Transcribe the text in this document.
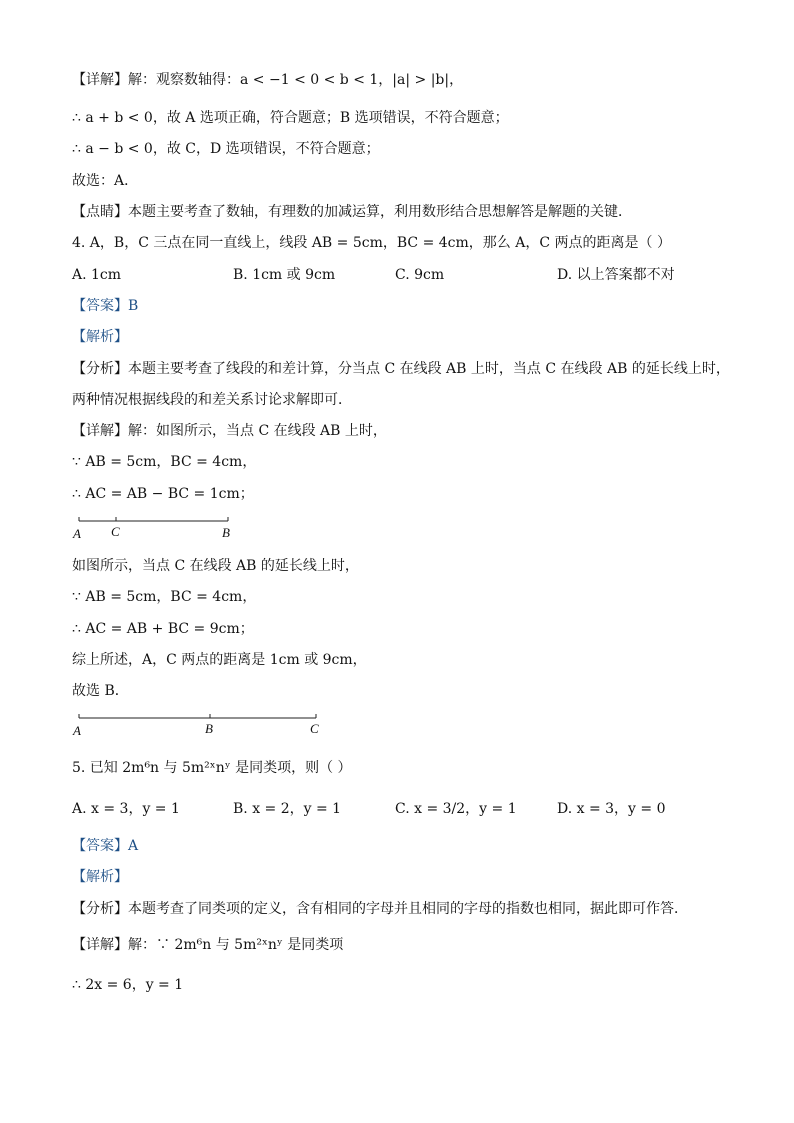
【详解】解：观察数轴得：a < −1 < 0 < b < 1，|a| > |b|，
∴ a + b < 0，故 A 选项正确，符合题意；B 选项错误，不符合题意；
∴ a − b < 0，故 C，D 选项错误，不符合题意；
故选：A．
【点睛】本题主要考查了数轴，有理数的加减运算，利用数形结合思想解答是解题的关键．
4. A，B，C 三点在同一直线上，线段 AB = 5cm，BC = 4cm，那么 A，C 两点的距离是（ ）
A. 1cm	B. 1cm 或 9cm	C. 9cm	D. 以上答案都不对
【答案】B
【解析】
【分析】本题主要考查了线段的和差计算，分当点 C 在线段 AB 上时，当点 C 在线段 AB 的延长线上时，
两种情况根据线段的和差关系讨论求解即可．
【详解】解：如图所示，当点 C 在线段 AB 上时，
∵ AB = 5cm，BC = 4cm，
∴ AC = AB − BC = 1cm；
A C	B
如图所示，当点 C 在线段 AB 的延长线上时，
∵ AB = 5cm，BC = 4cm，
∴ AC = AB + BC = 9cm；
综上所述，A，C 两点的距离是 1cm 或 9cm，
故选 B．
A	B	C
5. 已知 2m⁶n 与 5m²ˣnʸ 是同类项，则（ ）
A. x = 3，y = 1	B. x = 2，y = 1	C. x = 3/2，y = 1	D. x = 3，y = 0
【答案】A
【解析】
【分析】本题考查了同类项的定义，含有相同的字母并且相同的字母的指数也相同，据此即可作答．
【详解】解：∵ 2m⁶n 与 5m²ˣnʸ 是同类项
∴ 2x = 6，y = 1
